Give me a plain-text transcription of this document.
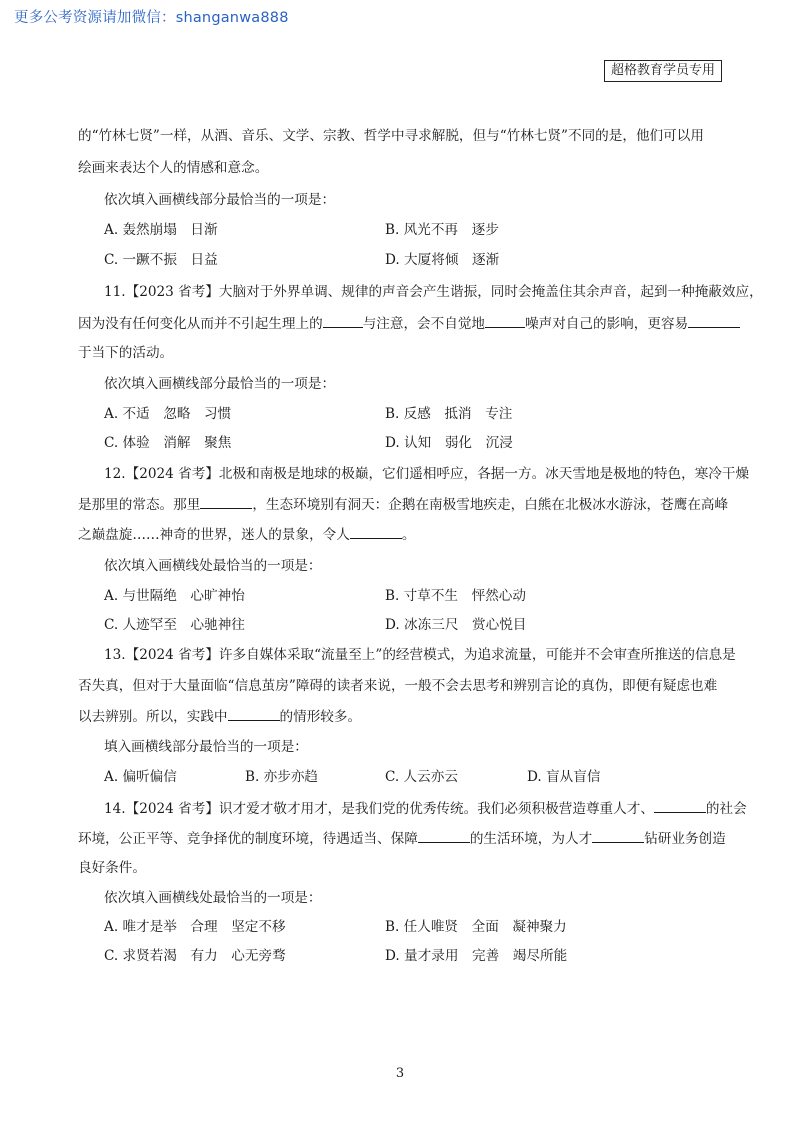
更多公考资源请加微信：shanganwa888
超格教育学员专用
的“竹林七贤”一样，从酒、音乐、文学、宗教、哲学中寻求解脱，但与“竹林七贤”不同的是，他们可以用
绘画来表达个人的情感和意念。
依次填入画横线部分最恰当的一项是：
A. 轰然崩塌　日渐	B. 风光不再　逐步
C. 一蹶不振　日益	D. 大厦将倾　逐渐
11.【2023 省考】大脑对于外界单调、规律的声音会产生谐振，同时会掩盖住其余声音，起到一种掩蔽效应，
因为没有任何变化从而并不引起生理上的	与注意，会不自觉地	噪声对自己的影响，更容易
于当下的活动。
依次填入画横线部分最恰当的一项是：
A. 不适　忽略　习惯	B. 反感　抵消　专注
C. 体验　消解　聚焦	D. 认知　弱化　沉浸
12.【2024 省考】北极和南极是地球的极巅，它们遥相呼应，各据一方。冰天雪地是极地的特色，寒冷干燥
是那里的常态。那里	，生态环境别有洞天：企鹅在南极雪地疾走，白熊在北极冰水游泳，苍鹰在高峰
之巅盘旋……神奇的世界，迷人的景象，令人	。
依次填入画横线处最恰当的一项是：
A. 与世隔绝　心旷神怡	B. 寸草不生　怦然心动
C. 人迹罕至　心驰神往	D. 冰冻三尺　赏心悦目
13.【2024 省考】许多自媒体采取“流量至上”的经营模式，为追求流量，可能并不会审查所推送的信息是
否失真，但对于大量面临“信息茧房”障碍的读者来说，一般不会去思考和辨别言论的真伪，即便有疑虑也难
以去辨别。所以，实践中	的情形较多。
填入画横线部分最恰当的一项是：
A. 偏听偏信	B. 亦步亦趋	C. 人云亦云	D. 盲从盲信
14.【2024 省考】识才爱才敬才用才，是我们党的优秀传统。我们必须积极营造尊重人才、	的社会
环境，公正平等、竞争择优的制度环境，待遇适当、保障	的生活环境，为人才	钻研业务创造
良好条件。
依次填入画横线处最恰当的一项是：
A. 唯才是举　合理　坚定不移	B. 任人唯贤　全面　凝神聚力
C. 求贤若渴　有力　心无旁骛	D. 量才录用　完善　竭尽所能
3
